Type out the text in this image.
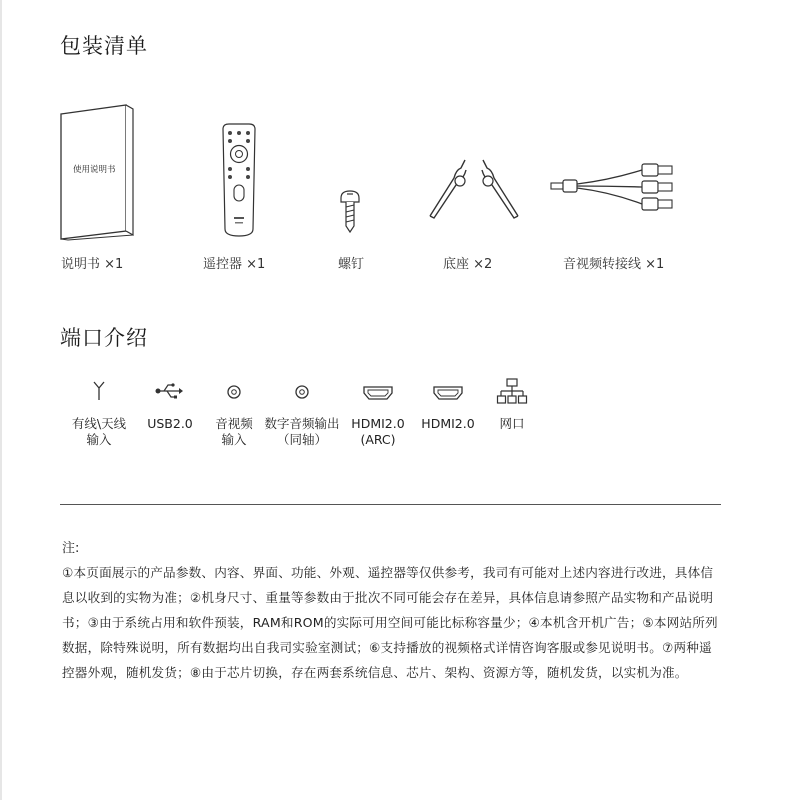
包装清单
使用说明书
说明书 ×1	遥控器 ×1	螺钉	底座 ×2	音视频转接线 ×1
端口介绍
有线\天线
输入
USB2.0	音视频
输入
数字音频输出
（同轴）
HDMI2.0
(ARC)
HDMI2.0	网口
注:
①本页面展示的产品参数、内容、界面、功能、外观、遥控器等仅供参考，我司有可能对上述内容进行改进，具体信息以收到的实物为准；②机身尺寸、重量等参数由于批次不同可能会存在差异，具体信息请参照产品实物和产品说明书；③由于系统占用和软件预装，RAM和ROM的实际可用空间可能比标称容量少；④本机含开机广告；⑤本网站所列数据，除特殊说明，所有数据均出自我司实验室测试；⑥支持播放的视频格式详情咨询客服或参见说明书。⑦两种遥控器外观，随机发货；⑧由于芯片切换，存在两套系统信息、芯片、架构、资源方等，随机发货，以实机为准。
